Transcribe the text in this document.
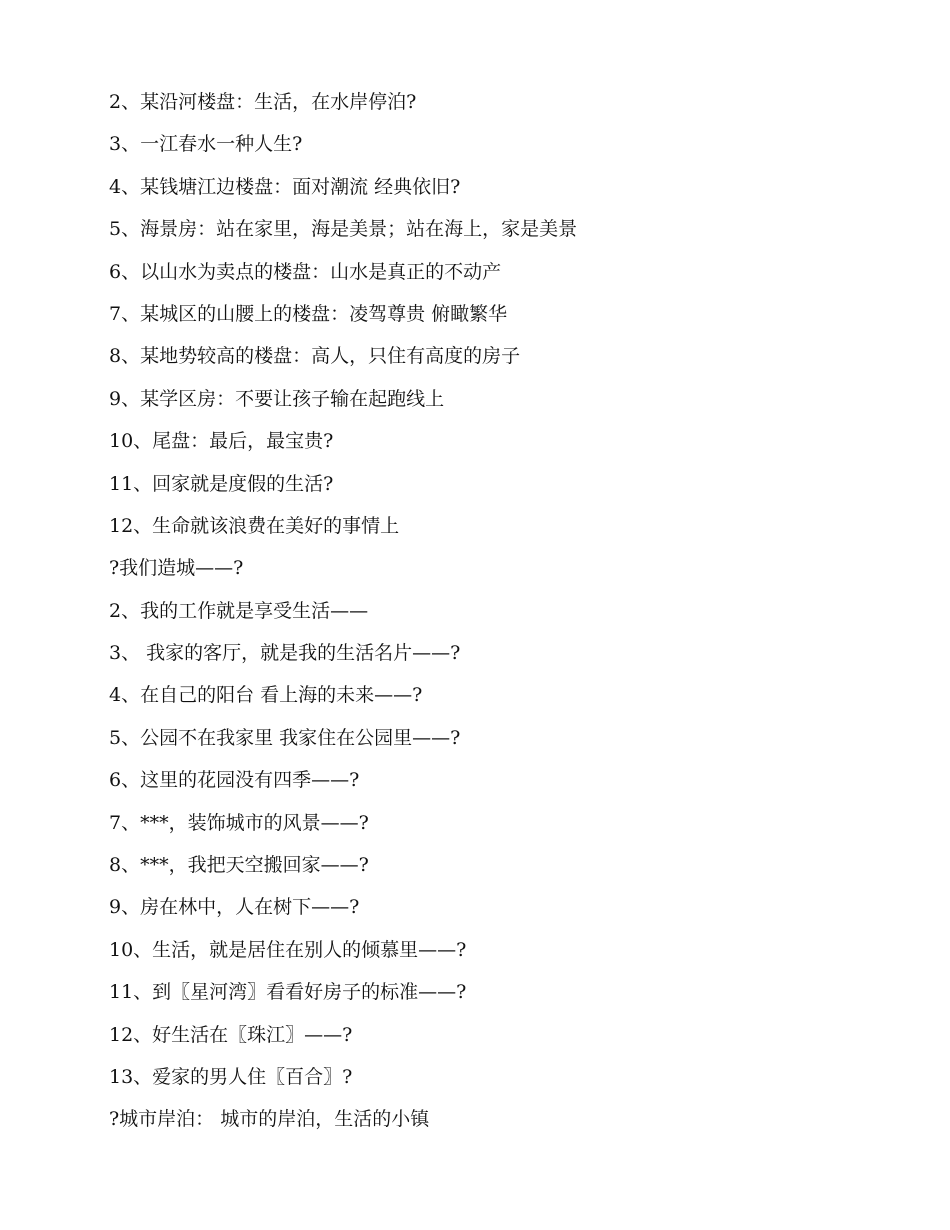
2、某沿河楼盘：生活，在水岸停泊?
3、一江春水一种人生?
4、某钱塘江边楼盘：面对潮流 经典依旧?
5、海景房：站在家里，海是美景；站在海上，家是美景
6、以山水为卖点的楼盘：山水是真正的不动产
7、某城区的山腰上的楼盘：凌驾尊贵 俯瞰繁华
8、某地势较高的楼盘：高人，只住有高度的房子
9、某学区房：不要让孩子输在起跑线上
10、尾盘：最后，最宝贵?
11、回家就是度假的生活?
12、生命就该浪费在美好的事情上
?我们造城——?
2、我的工作就是享受生活——
3、 我家的客厅，就是我的生活名片——?
4、在自己的阳台 看上海的未来——?
5、公园不在我家里 我家住在公园里——?
6、这里的花园没有四季——?
7、***，装饰城市的风景——?
8、***，我把天空搬回家——?
9、房在林中，人在树下——?
10、生活，就是居住在别人的倾慕里——?
11、到〖星河湾〗看看好房子的标准——?
12、好生活在〖珠江〗——?
13、爱家的男人住〖百合〗?
?城市岸泊： 城市的岸泊，生活的小镇
